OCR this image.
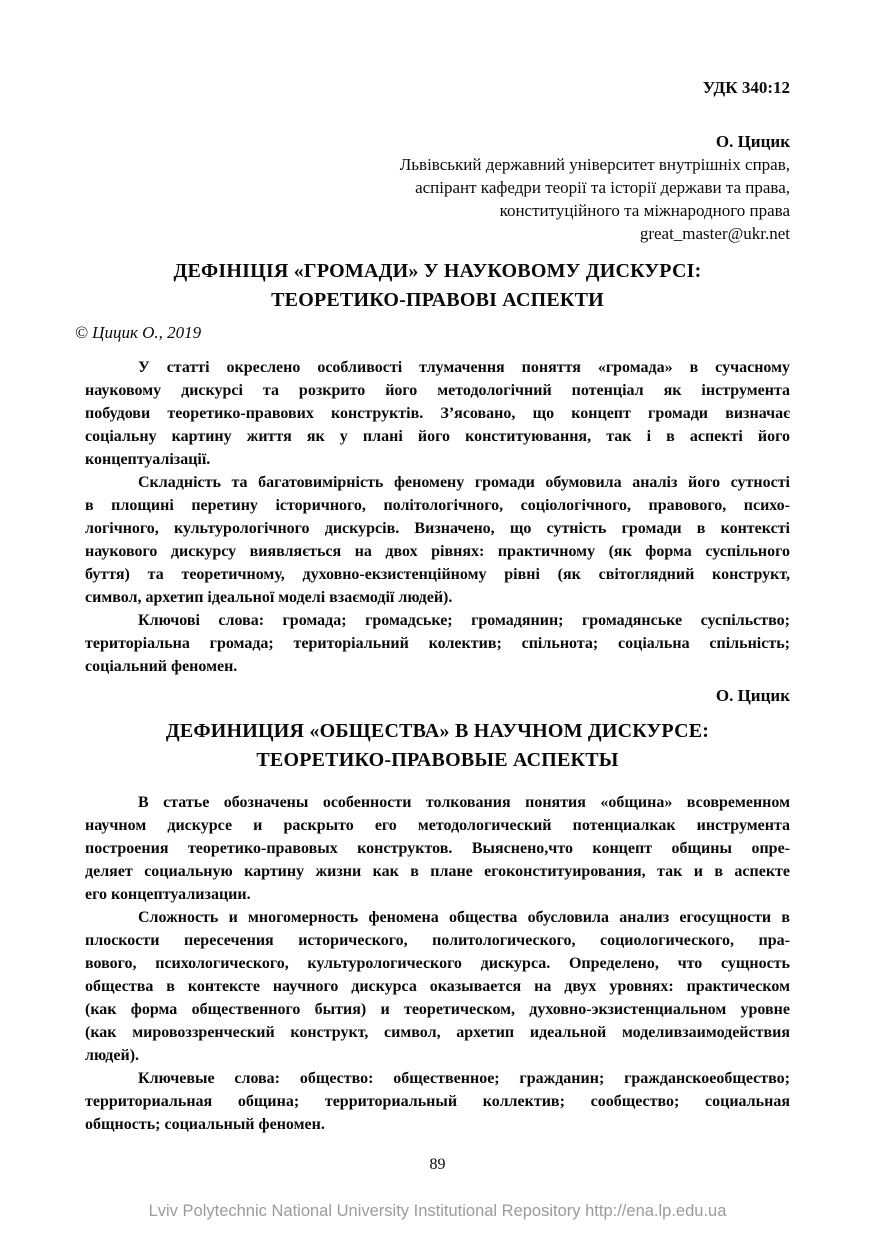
УДК 340:12
О. Цицик
Львівський державний університет внутрішніх справ,
аспірант кафедри теорії та історії держави та права,
конституційного та міжнародного права
great_master@ukr.net
ДЕФІНІЦІЯ «ГРОМАДИ» У НАУКОВОМУ ДИСКУРСІ:
ТЕОРЕТИКО-ПРАВОВІ АСПЕКТИ
© Цицик О., 2019
У статті окреслено особливості тлумачення поняття «громада» в сучасному
науковому дискурсі та розкрито його методологічний потенціал як інструмента
побудови теоретико-правових конструктів. З’ясовано, що концепт громади визначає
соціальну картину життя як у плані його конституювання, так і в аспекті його
концептуалізації.
Складність та багатовимірність феномену громади обумовила аналіз його сутності
в площині перетину історичного, політологічного, соціологічного, правового, психо-
логічного, культурологічного дискурсів. Визначено, що сутність громади в контексті
наукового дискурсу виявляється на двох рівнях: практичному (як форма суспільного
буття) та теоретичному, духовно-екзистенційному рівні (як світоглядний конструкт,
символ, архетип ідеальної моделі взаємодії людей).
Ключові слова: громада; громадське; громадянин; громадянське суспільство;
територіальна громада; територіальний колектив; спільнота; соціальна спільність;
соціальний феномен.
О. Цицик
ДЕФИНИЦИЯ «ОБЩЕСТВА» В НАУЧНОМ ДИСКУРСЕ:
ТЕОРЕТИКО-ПРАВОВЫЕ АСПЕКТЫ
В статье обозначены особенности толкования понятия «община» всовременном
научном дискурсе и раскрыто его методологический потенциалкак инструмента
построения теоретико-правовых конструктов. Выяснено,что концепт общины опре-
деляет социальную картину жизни как в плане егоконституирования, так и в аспекте
его концептуализации.
Сложность и многомерность феномена общества обусловила анализ егосущности в
плоскости пересечения исторического, политологического, социологического, пра-
вового, психологического, культурологического дискурса. Определено, что сущность
общества в контексте научного дискурса оказывается на двух уровнях: практическом
(как форма общественного бытия) и теоретическом, духовно-экзистенциальном уровне
(как мировоззренческий конструкт, символ, архетип идеальной моделивзаимодействия
людей).
Ключевые слова: общество: общественное; гражданин; гражданскоеобщество;
территориальная община; территориальный коллектив; сообщество; социальная
общность; социальный феномен.
89
Lviv Polytechnic National University Institutional Repository http://ena.lp.edu.ua
